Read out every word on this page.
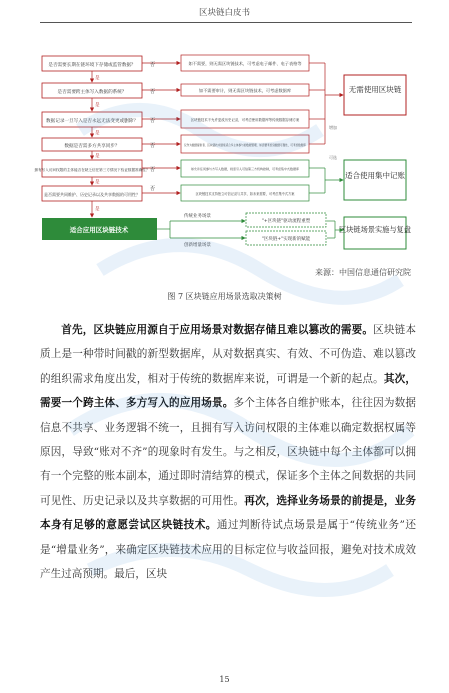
区块链白皮书
是否需要长期在链环境下存储或监管数据？
是否需要跨主体写入数据的系统？
数据记录一旦写入是否永远无法变更或删除？
数据是否需多方共享同步？
拥有写入访问权限的主体能否在缺乏信任第三方情况下验证数据准确性？
是否需要共同维护、历史记录以及共享数据的可用性？
是
是
是
是
是
是
否
否
否
否
否
否
如不需要，则无需区块链技术，可考虑电子邮件、电子表格等
如不需要审计，则无需区块链技术，可考虑数据库
区块链技术不允许更改历史记录，可考虑使用数据库等传统数据存储方案
仅作为数据提供者、区块链技术通常适合多主体参与的数据管理，如需要考虑到数据可靠性，可考虑数据库
如允许任何参与方写入数据，则需引入可信第三方机构控制，可考虑集中式数据库
区块链技术支持独立可信记录与共享，如未来需要，可考虑集中式方案
可选
增加
无需使用区块链
适合使用集中记账
区块链场景实施与复盘
适合应用区块链技术
传统业务场景
创新增量场景
"+区块链"驱动流程重塑
"区块链+"实现新的赋能
来源：中国信息通信研究院
图 7 区块链应用场景选取决策树

首先，区块链应用源自于应用场景对数据存储且难以篡改的需要。区块链本质上是一种带时间戳的新型数据库，从对数据真实、有效、不可伪造、难以篡改的组织需求角度出发，相对于传统的数据库来说，可谓是一个新的起点。其次，需要一个跨主体、多方写入的应用场景。多个主体各自维护账本，往往因为数据信息不共享、业务逻辑不统一，且拥有写入访问权限的主体难以确定数据权属等原因，导致“账对不齐”的现象时有发生。与之相反，区块链中每个主体都可以拥有一个完整的账本副本，通过即时清结算的模式，保证多个主体之间数据的共同可见性、历史记录以及共享数据的可用性。再次，选择业务场景的前提是，业务本身有足够的意愿尝试区块链技术。通过判断待试点场景是属于“传统业务”还是“增量业务”，来确定区块链技术应用的目标定位与收益回报，避免对技术成效产生过高预期。最后，区块

15
